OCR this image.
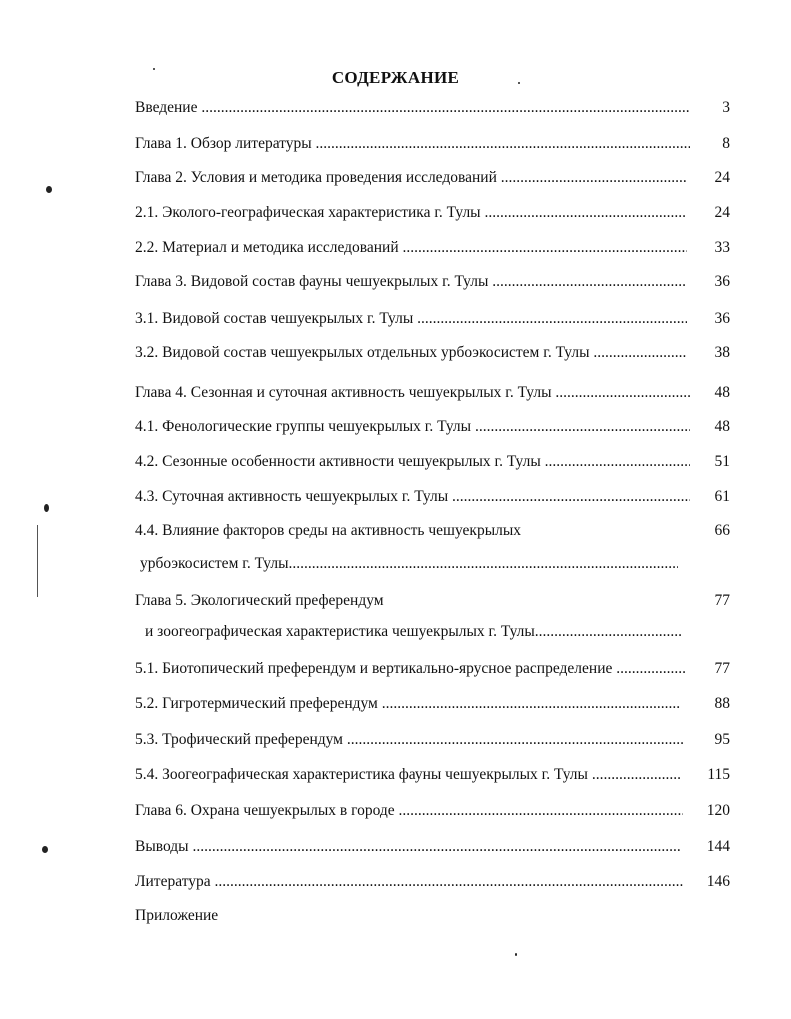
СОДЕРЖАНИЕ
Введение .....	3
Глава 1. Обзор литературы .....	8
Глава 2. Условия и методика проведения исследований .....	24
2.1. Эколого-географическая характеристика г. Тулы .....	24
2.2. Материал и методика исследований .....	33
Глава 3. Видовой состав фауны чешуекрылых г. Тулы .....	36
3.1. Видовой состав чешуекрылых г. Тулы .....	36
3.2. Видовой состав чешуекрылых отдельных урбоэкосистем г. Тулы .....	38
Глава 4. Сезонная и суточная активность чешуекрылых г. Тулы .....	48
4.1. Фенологические группы чешуекрылых г. Тулы .....	48
4.2. Сезонные особенности активности чешуекрылых г. Тулы .....	51
4.3. Суточная активность чешуекрылых г. Тулы .....	61
4.4. Влияние факторов среды на активность чешуекрылых	66
урбоэкосистем г. Тулы .....
Глава 5. Экологический преферендум	77
и зоогеографическая характеристика чешуекрылых г. Тулы .....
5.1. Биотопический преферендум и вертикально-ярусное распределение .....	77
5.2. Гигротермический преферендум .....	88
5.3. Трофический преферендум .....	95
5.4. Зоогеографическая характеристика фауны чешуекрылых г. Тулы .....	115
Глава 6. Охрана чешуекрылых в городе .....	120
Выводы .....	144
Литература .....	146
Приложение
